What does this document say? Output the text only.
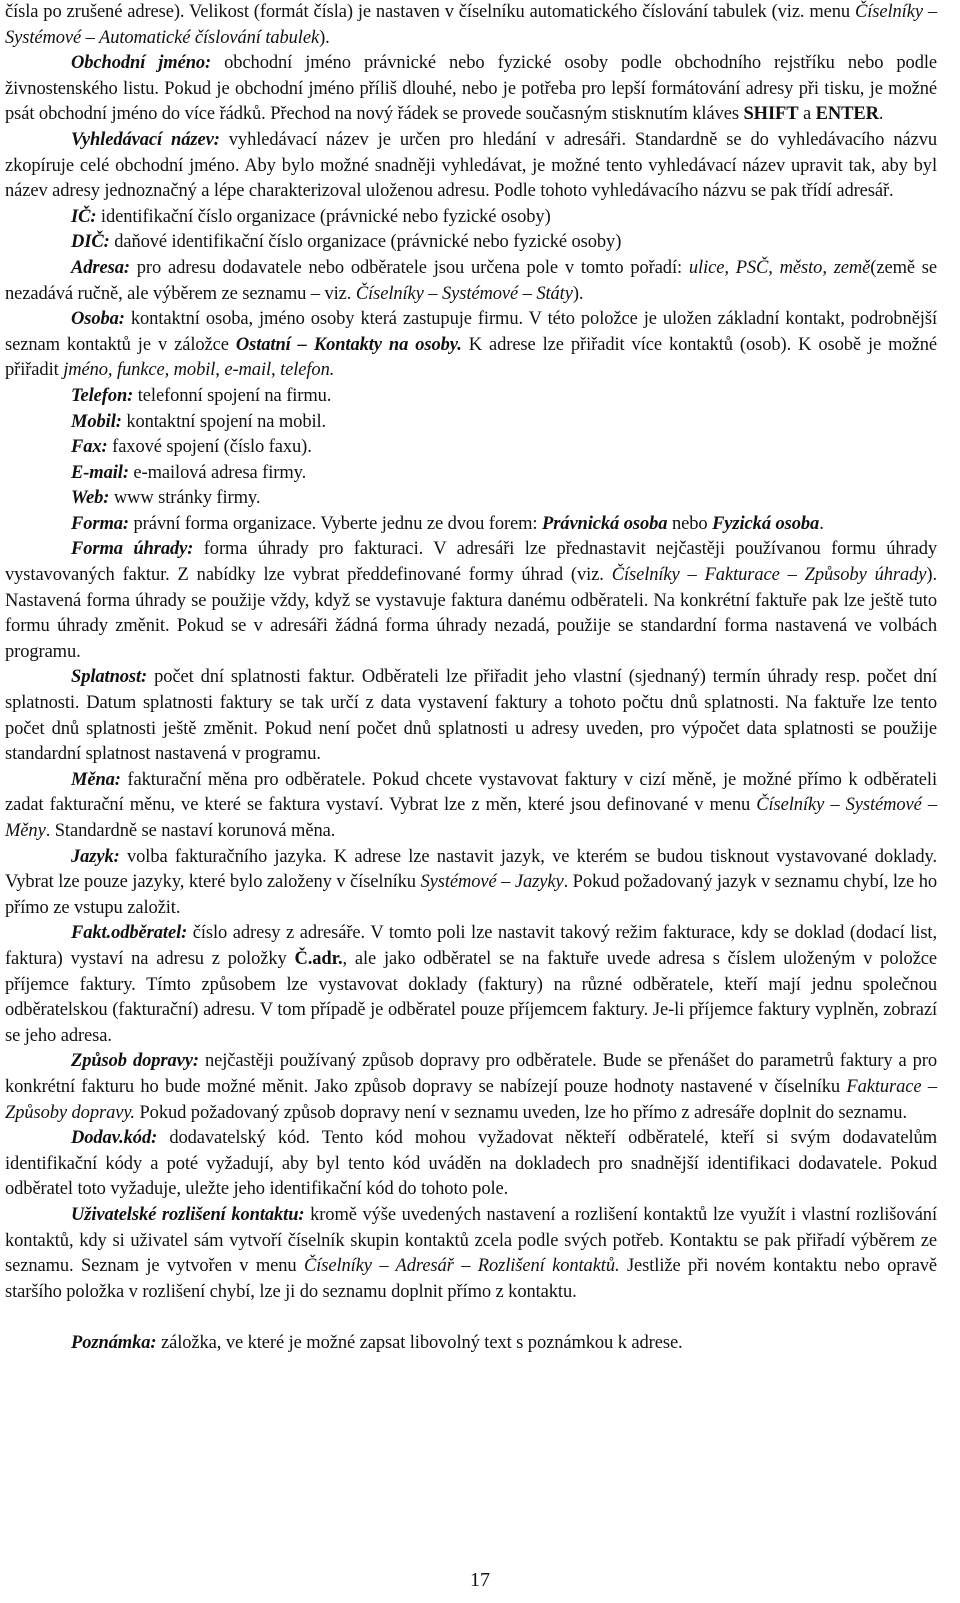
čísla po zrušené adrese). Velikost (formát čísla) je nastaven v číselníku automatického číslování tabulek (viz. menu Číselníky – Systémové – Automatické číslování tabulek).

Obchodní jméno: obchodní jméno právnické nebo fyzické osoby podle obchodního rejstříku nebo podle živnostenského listu. Pokud je obchodní jméno příliš dlouhé, nebo je potřeba pro lepší formátování adresy při tisku, je možné psát obchodní jméno do více řádků. Přechod na nový řádek se provede současným stisknutím kláves SHIFT a ENTER.

Vyhledávací název: vyhledávací název je určen pro hledání v adresáři. Standardně se do vyhledávacího názvu zkopíruje celé obchodní jméno. Aby bylo možné snadněji vyhledávat, je možné tento vyhledávací název upravit tak, aby byl název adresy jednoznačný a lépe charakterizoval uloženou adresu. Podle tohoto vyhledávacího názvu se pak třídí adresář.

IČ: identifikační číslo organizace (právnické nebo fyzické osoby)

DIČ: daňové identifikační číslo organizace (právnické nebo fyzické osoby)

Adresa: pro adresu dodavatele nebo odběratele jsou určena pole v tomto pořadí: ulice, PSČ, město, země(země se nezadává ručně, ale výběrem ze seznamu – viz. Číselníky – Systémové – Státy).

Osoba: kontaktní osoba, jméno osoby která zastupuje firmu. V této položce je uložen základní kontakt, podrobnější seznam kontaktů je v záložce Ostatní – Kontakty na osoby. K adrese lze přiřadit více kontaktů (osob). K osobě je možné přiřadit jméno, funkce, mobil, e-mail, telefon.

Telefon: telefonní spojení na firmu.

Mobil: kontaktní spojení na mobil.

Fax: faxové spojení (číslo faxu).

E-mail: e-mailová adresa firmy.

Web: www stránky firmy.

Forma: právní forma organizace. Vyberte jednu ze dvou forem: Právnická osoba nebo Fyzická osoba.

Forma úhrady: forma úhrady pro fakturaci. V adresáři lze přednastavit nejčastěji používanou formu úhrady vystavovaných faktur. Z nabídky lze vybrat předdefinované formy úhrad (viz. Číselníky – Fakturace – Způsoby úhrady). Nastavená forma úhrady se použije vždy, když se vystavuje faktura danému odběrateli. Na konkrétní faktuře pak lze ještě tuto formu úhrady změnit. Pokud se v adresáři žádná forma úhrady nezadá, použije se standardní forma nastavená ve volbách programu.

Splatnost: počet dní splatnosti faktur. Odběrateli lze přiřadit jeho vlastní (sjednaný) termín úhrady resp. počet dní splatnosti. Datum splatnosti faktury se tak určí z data vystavení faktury a tohoto počtu dnů splatnosti. Na faktuře lze tento počet dnů splatnosti ještě změnit. Pokud není počet dnů splatnosti u adresy uveden, pro výpočet data splatnosti se použije standardní splatnost nastavená v programu.

Měna: fakturační měna pro odběratele. Pokud chcete vystavovat faktury v cizí měně, je možné přímo k odběrateli zadat fakturační měnu, ve které se faktura vystaví. Vybrat lze z měn, které jsou definované v menu Číselníky – Systémové – Měny. Standardně se nastaví korunová měna.

Jazyk: volba fakturačního jazyka. K adrese lze nastavit jazyk, ve kterém se budou tisknout vystavované doklady. Vybrat lze pouze jazyky, které bylo založeny v číselníku Systémové – Jazyky. Pokud požadovaný jazyk v seznamu chybí, lze ho přímo ze vstupu založit.

Fakt.odběratel: číslo adresy z adresáře. V tomto poli lze nastavit takový režim fakturace, kdy se doklad (dodací list, faktura) vystaví na adresu z položky Č.adr., ale jako odběratel se na faktuře uvede adresa s číslem uloženým v položce příjemce faktury. Tímto způsobem lze vystavovat doklady (faktury) na různé odběratele, kteří mají jednu společnou odběratelskou (fakturační) adresu. V tom případě je odběratel pouze příjemcem faktury. Je-li příjemce faktury vyplněn, zobrazí se jeho adresa.

Způsob dopravy: nejčastěji používaný způsob dopravy pro odběratele. Bude se přenášet do parametrů faktury a pro konkrétní fakturu ho bude možné měnit. Jako způsob dopravy se nabízejí pouze hodnoty nastavené v číselníku Fakturace – Způsoby dopravy. Pokud požadovaný způsob dopravy není v seznamu uveden, lze ho přímo z adresáře doplnit do seznamu.

Dodav.kód: dodavatelský kód. Tento kód mohou vyžadovat někteří odběratelé, kteří si svým dodavatelům identifikační kódy a poté vyžadují, aby byl tento kód uváděn na dokladech pro snadnější identifikaci dodavatele. Pokud odběratel toto vyžaduje, uležte jeho identifikační kód do tohoto pole.

Uživatelské rozlišení kontaktu: kromě výše uvedených nastavení a rozlišení kontaktů lze využít i vlastní rozlišování kontaktů, kdy si uživatel sám vytvoří číselník skupin kontaktů zcela podle svých potřeb. Kontaktu se pak přiřadí výběrem ze seznamu. Seznam je vytvořen v menu Číselníky – Adresář – Rozlišení kontaktů. Jestliže při novém kontaktu nebo opravě staršího položka v rozlišení chybí, lze ji do seznamu doplnit přímo z kontaktu.

Poznámka: záložka, ve které je možné zapsat libovolný text s poznámkou k adrese.

17
